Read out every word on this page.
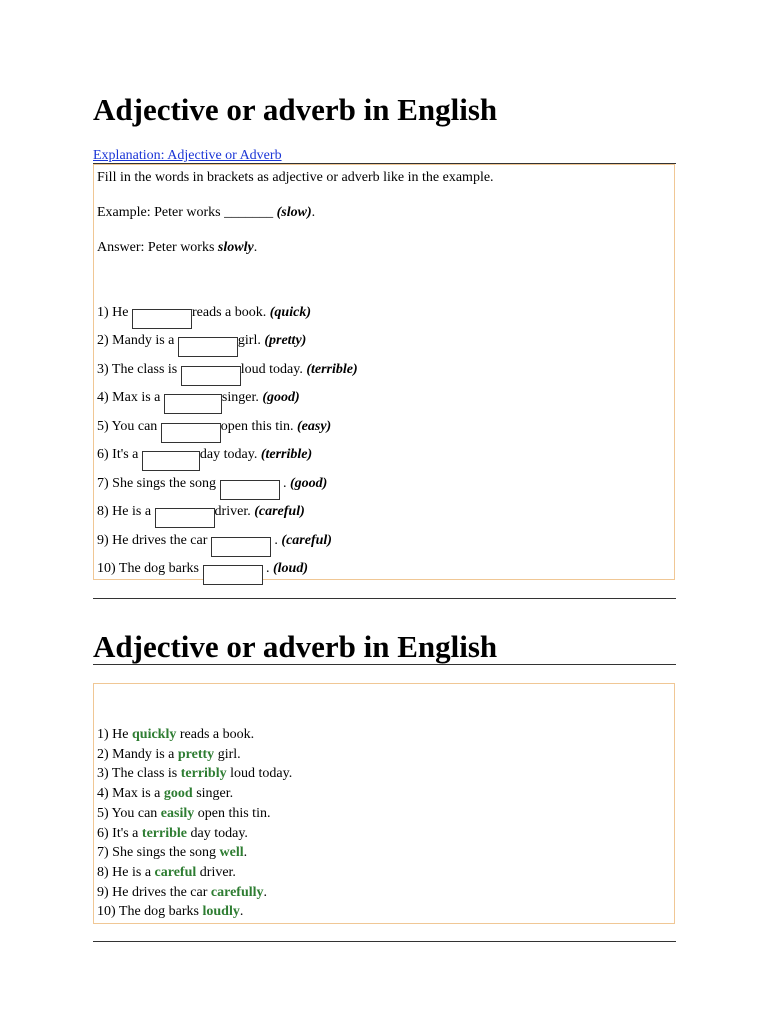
Adjective or adverb in English
Explanation: Adjective or Adverb
Fill in the words in brackets as adjective or adverb like in the example.
Example: Peter works _______ (slow).
Answer: Peter works slowly.
1) He	reads a book. (quick)
2) Mandy is a	girl. (pretty)
3) The class is	loud today. (terrible)
4) Max is a	singer. (good)
5) You can	open this tin. (easy)
6) It's a	day today. (terrible)
7) She sings the song	. (good)
8) He is a	driver. (careful)
9) He drives the car	. (careful)
10) The dog barks	. (loud)
Adjective or adverb in English
1) He quickly reads a book.
2) Mandy is a pretty girl.
3) The class is terribly loud today.
4) Max is a good singer.
5) You can easily open this tin.
6) It's a terrible day today.
7) She sings the song well.
8) He is a careful driver.
9) He drives the car carefully.
10) The dog barks loudly.
